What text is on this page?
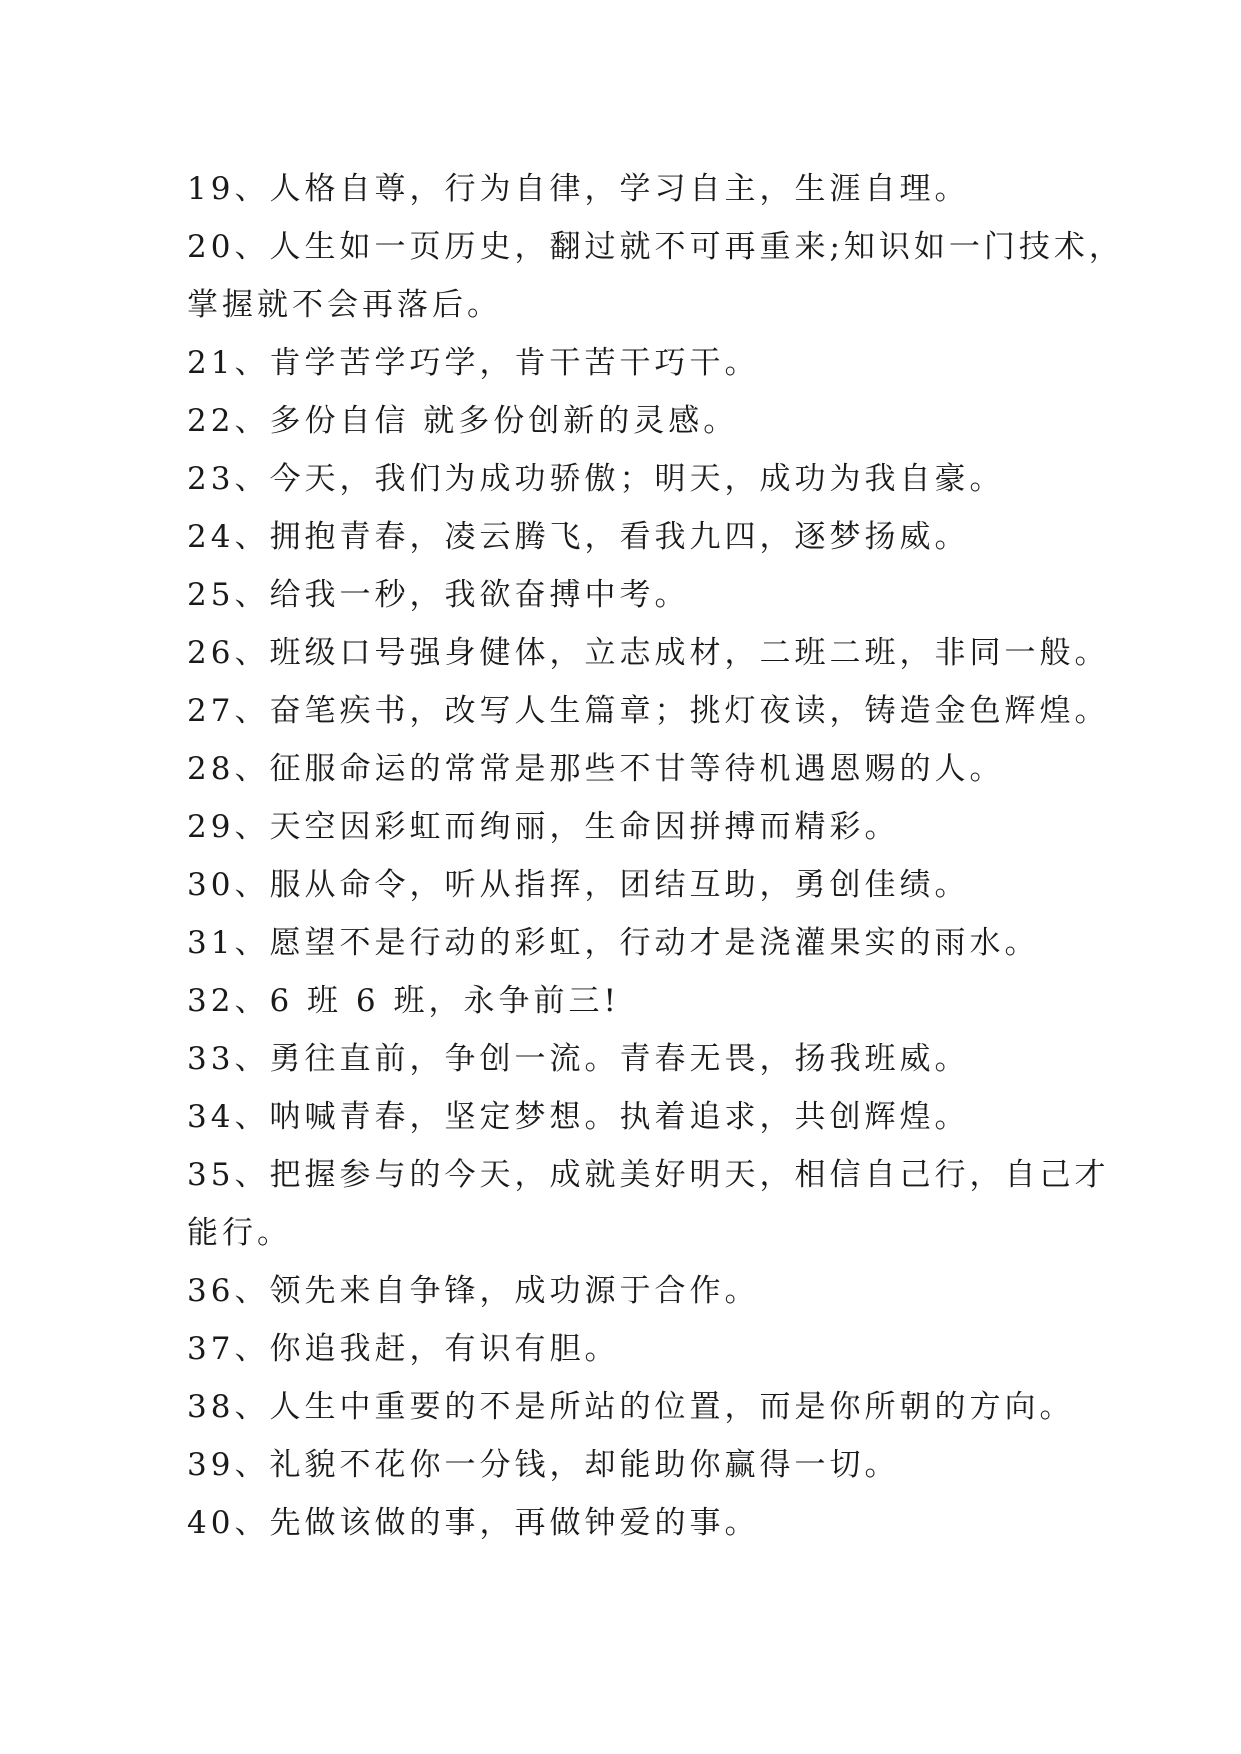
19、人格自尊，行为自律，学习自主，生涯自理。
20、人生如一页历史，翻过就不可再重来;知识如一门技术，
掌握就不会再落后。
21、肯学苦学巧学，肯干苦干巧干。
22、多份自信 就多份创新的灵感。
23、今天，我们为成功骄傲；明天，成功为我自豪。
24、拥抱青春，凌云腾飞，看我九四，逐梦扬威。
25、给我一秒，我欲奋搏中考。
26、班级口号强身健体，立志成材，二班二班，非同一般。
27、奋笔疾书，改写人生篇章；挑灯夜读，铸造金色辉煌。
28、征服命运的常常是那些不甘等待机遇恩赐的人。
29、天空因彩虹而绚丽，生命因拼搏而精彩。
30、服从命令，听从指挥，团结互助，勇创佳绩。
31、愿望不是行动的彩虹，行动才是浇灌果实的雨水。
32、6 班 6 班，永争前三!
33、勇往直前，争创一流。青春无畏，扬我班威。
34、呐喊青春，坚定梦想。执着追求，共创辉煌。
35、把握参与的今天，成就美好明天，相信自己行，自己才
能行。
36、领先来自争锋，成功源于合作。
37、你追我赶，有识有胆。
38、人生中重要的不是所站的位置，而是你所朝的方向。
39、礼貌不花你一分钱，却能助你赢得一切。
40、先做该做的事，再做钟爱的事。
